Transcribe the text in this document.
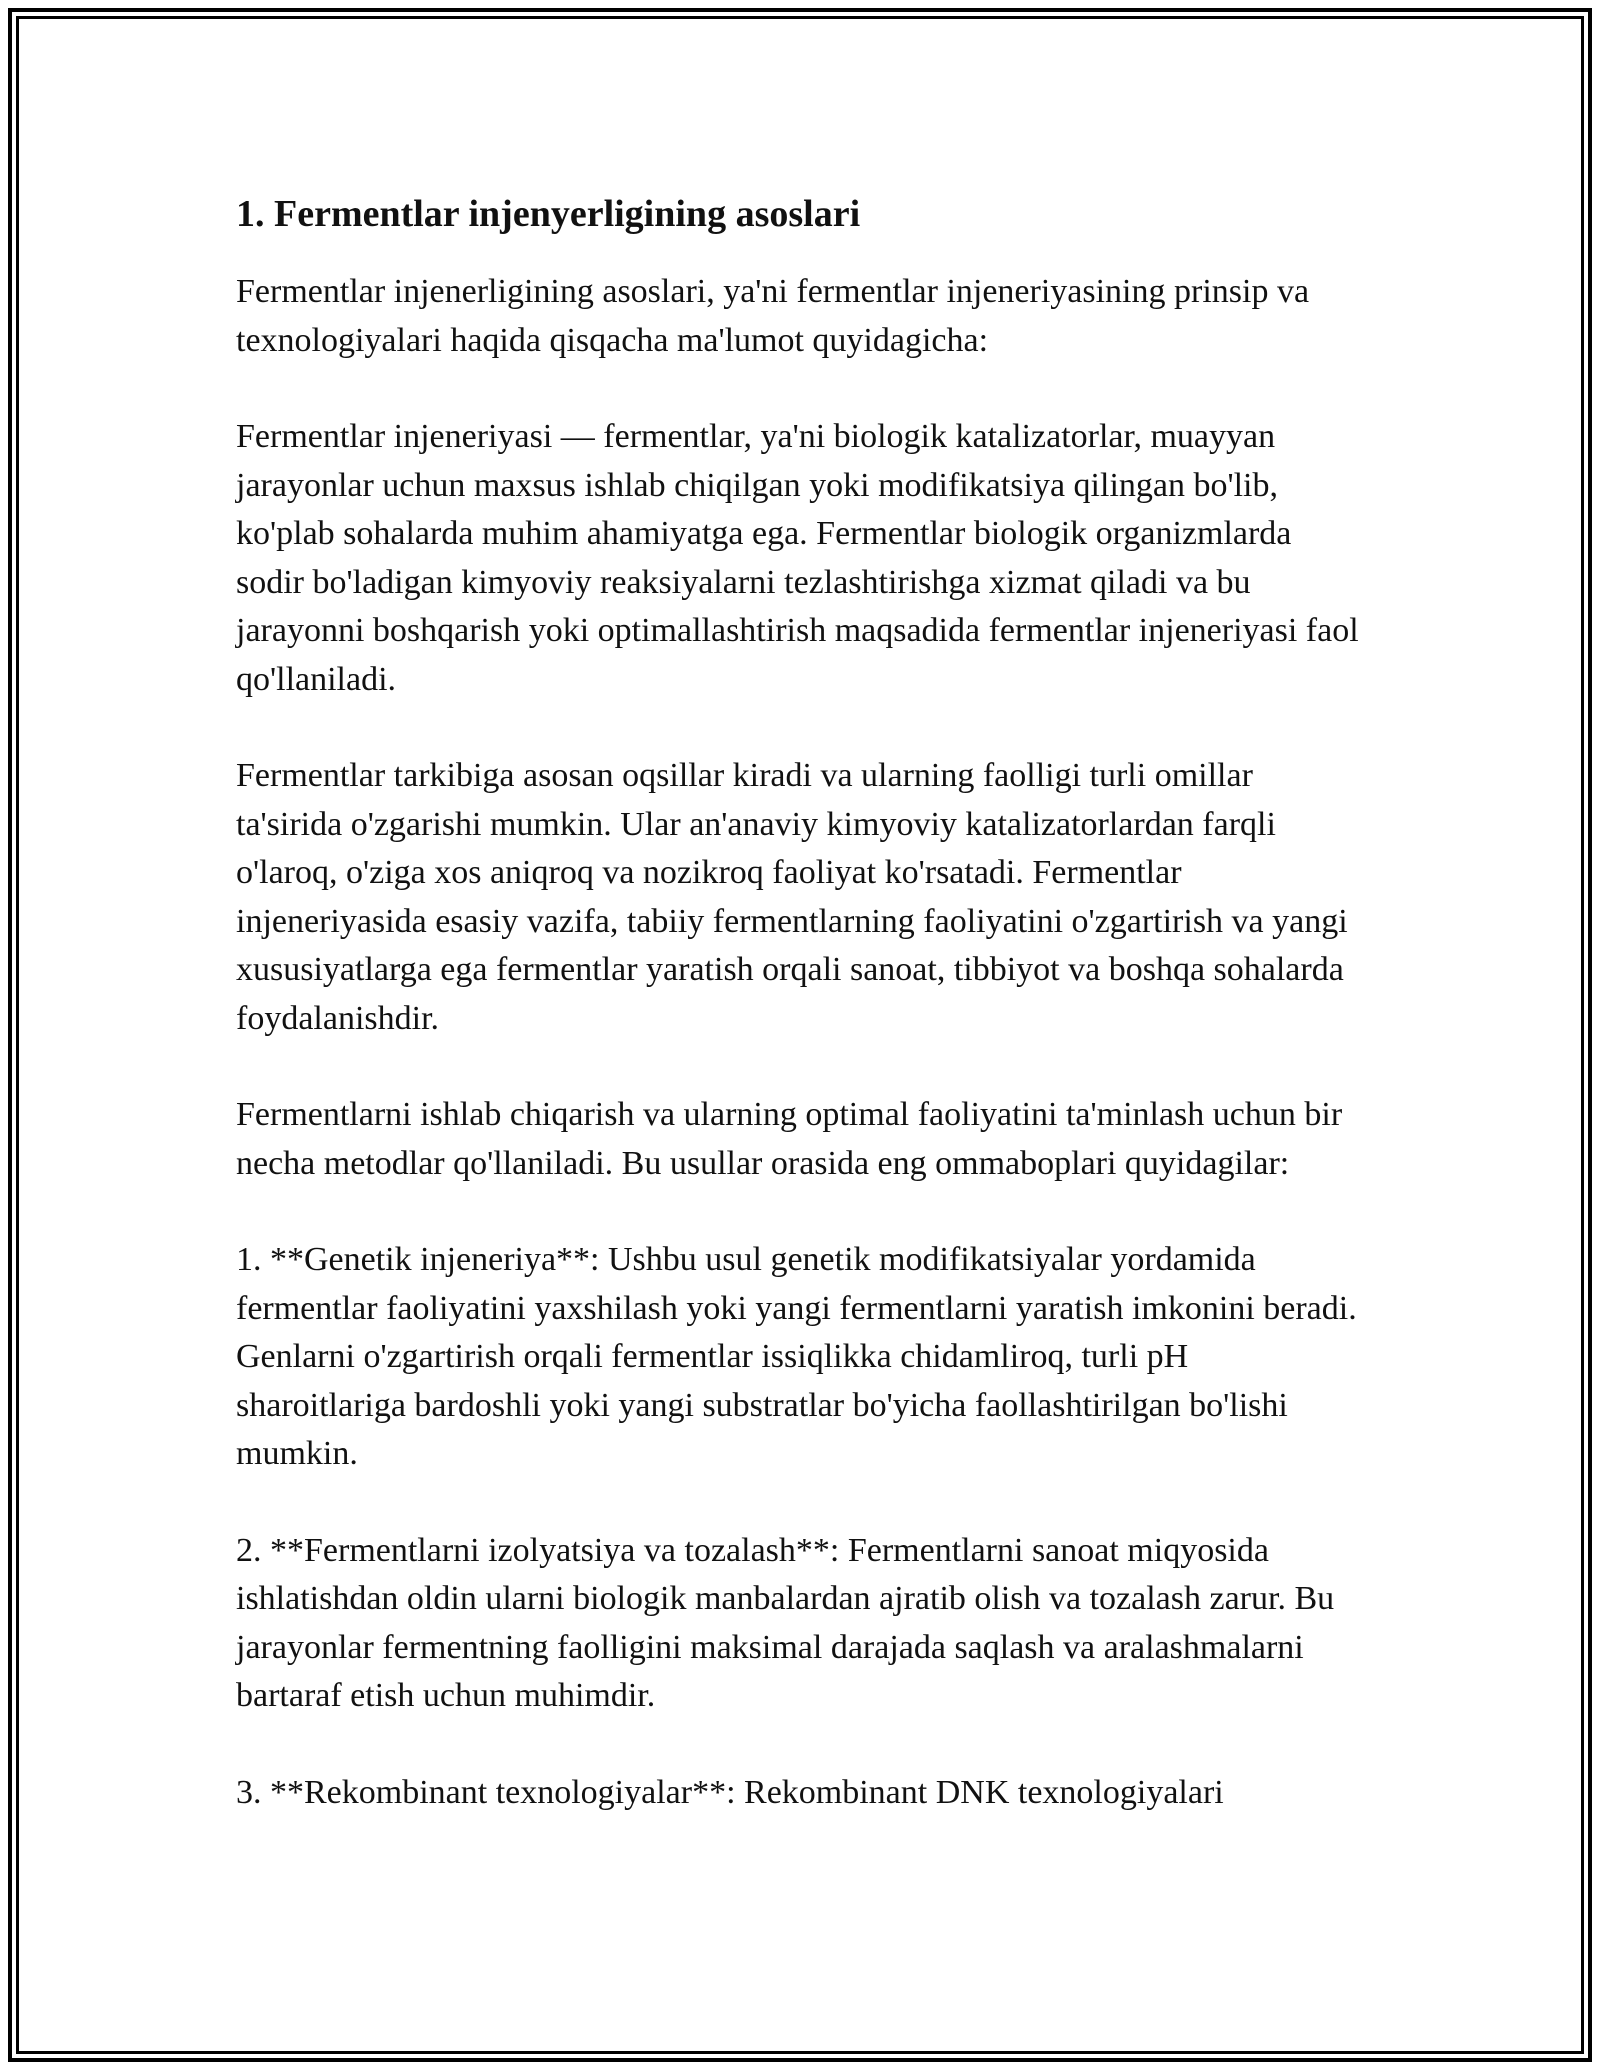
1. Fermentlar injenyerligining asoslari

Fermentlar injenerligining asoslari, ya'ni fermentlar injeneriyasining prinsip va texnologiyalari haqida qisqacha ma'lumot quyidagicha:

Fermentlar injeneriyasi — fermentlar, ya'ni biologik katalizatorlar, muayyan jarayonlar uchun maxsus ishlab chiqilgan yoki modifikatsiya qilingan bo'lib, ko'plab sohalarda muhim ahamiyatga ega. Fermentlar biologik organizmlarda sodir bo'ladigan kimyoviy reaksiyalarni tezlashtirishga xizmat qiladi va bu jarayonni boshqarish yoki optimallashtirish maqsadida fermentlar injeneriyasi faol qo'llaniladi.

Fermentlar tarkibiga asosan oqsillar kiradi va ularning faolligi turli omillar ta'sirida o'zgarishi mumkin. Ular an'anaviy kimyoviy katalizatorlardan farqli o'laroq, o'ziga xos aniqroq va nozikroq faoliyat ko'rsatadi. Fermentlar injeneriyasida esasiy vazifa, tabiiy fermentlarning faoliyatini o'zgartirish va yangi xususiyatlarga ega fermentlar yaratish orqali sanoat, tibbiyot va boshqa sohalarda foydalanishdir.

Fermentlarni ishlab chiqarish va ularning optimal faoliyatini ta'minlash uchun bir necha metodlar qo'llaniladi. Bu usullar orasida eng ommaboplari quyidagilar:

1. **Genetik injeneriya**: Ushbu usul genetik modifikatsiyalar yordamida fermentlar faoliyatini yaxshilash yoki yangi fermentlarni yaratish imkonini beradi. Genlarni o'zgartirish orqali fermentlar issiqlikka chidamliroq, turli pH sharoitlariga bardoshli yoki yangi substratlar bo'yicha faollashtirilgan bo'lishi mumkin.

2. **Fermentlarni izolyatsiya va tozalash**: Fermentlarni sanoat miqyosida ishlatishdan oldin ularni biologik manbalardan ajratib olish va tozalash zarur. Bu jarayonlar fermentning faolligini maksimal darajada saqlash va aralashmalarni bartaraf etish uchun muhimdir.

3. **Rekombinant texnologiyalar**: Rekombinant DNK texnologiyalari
